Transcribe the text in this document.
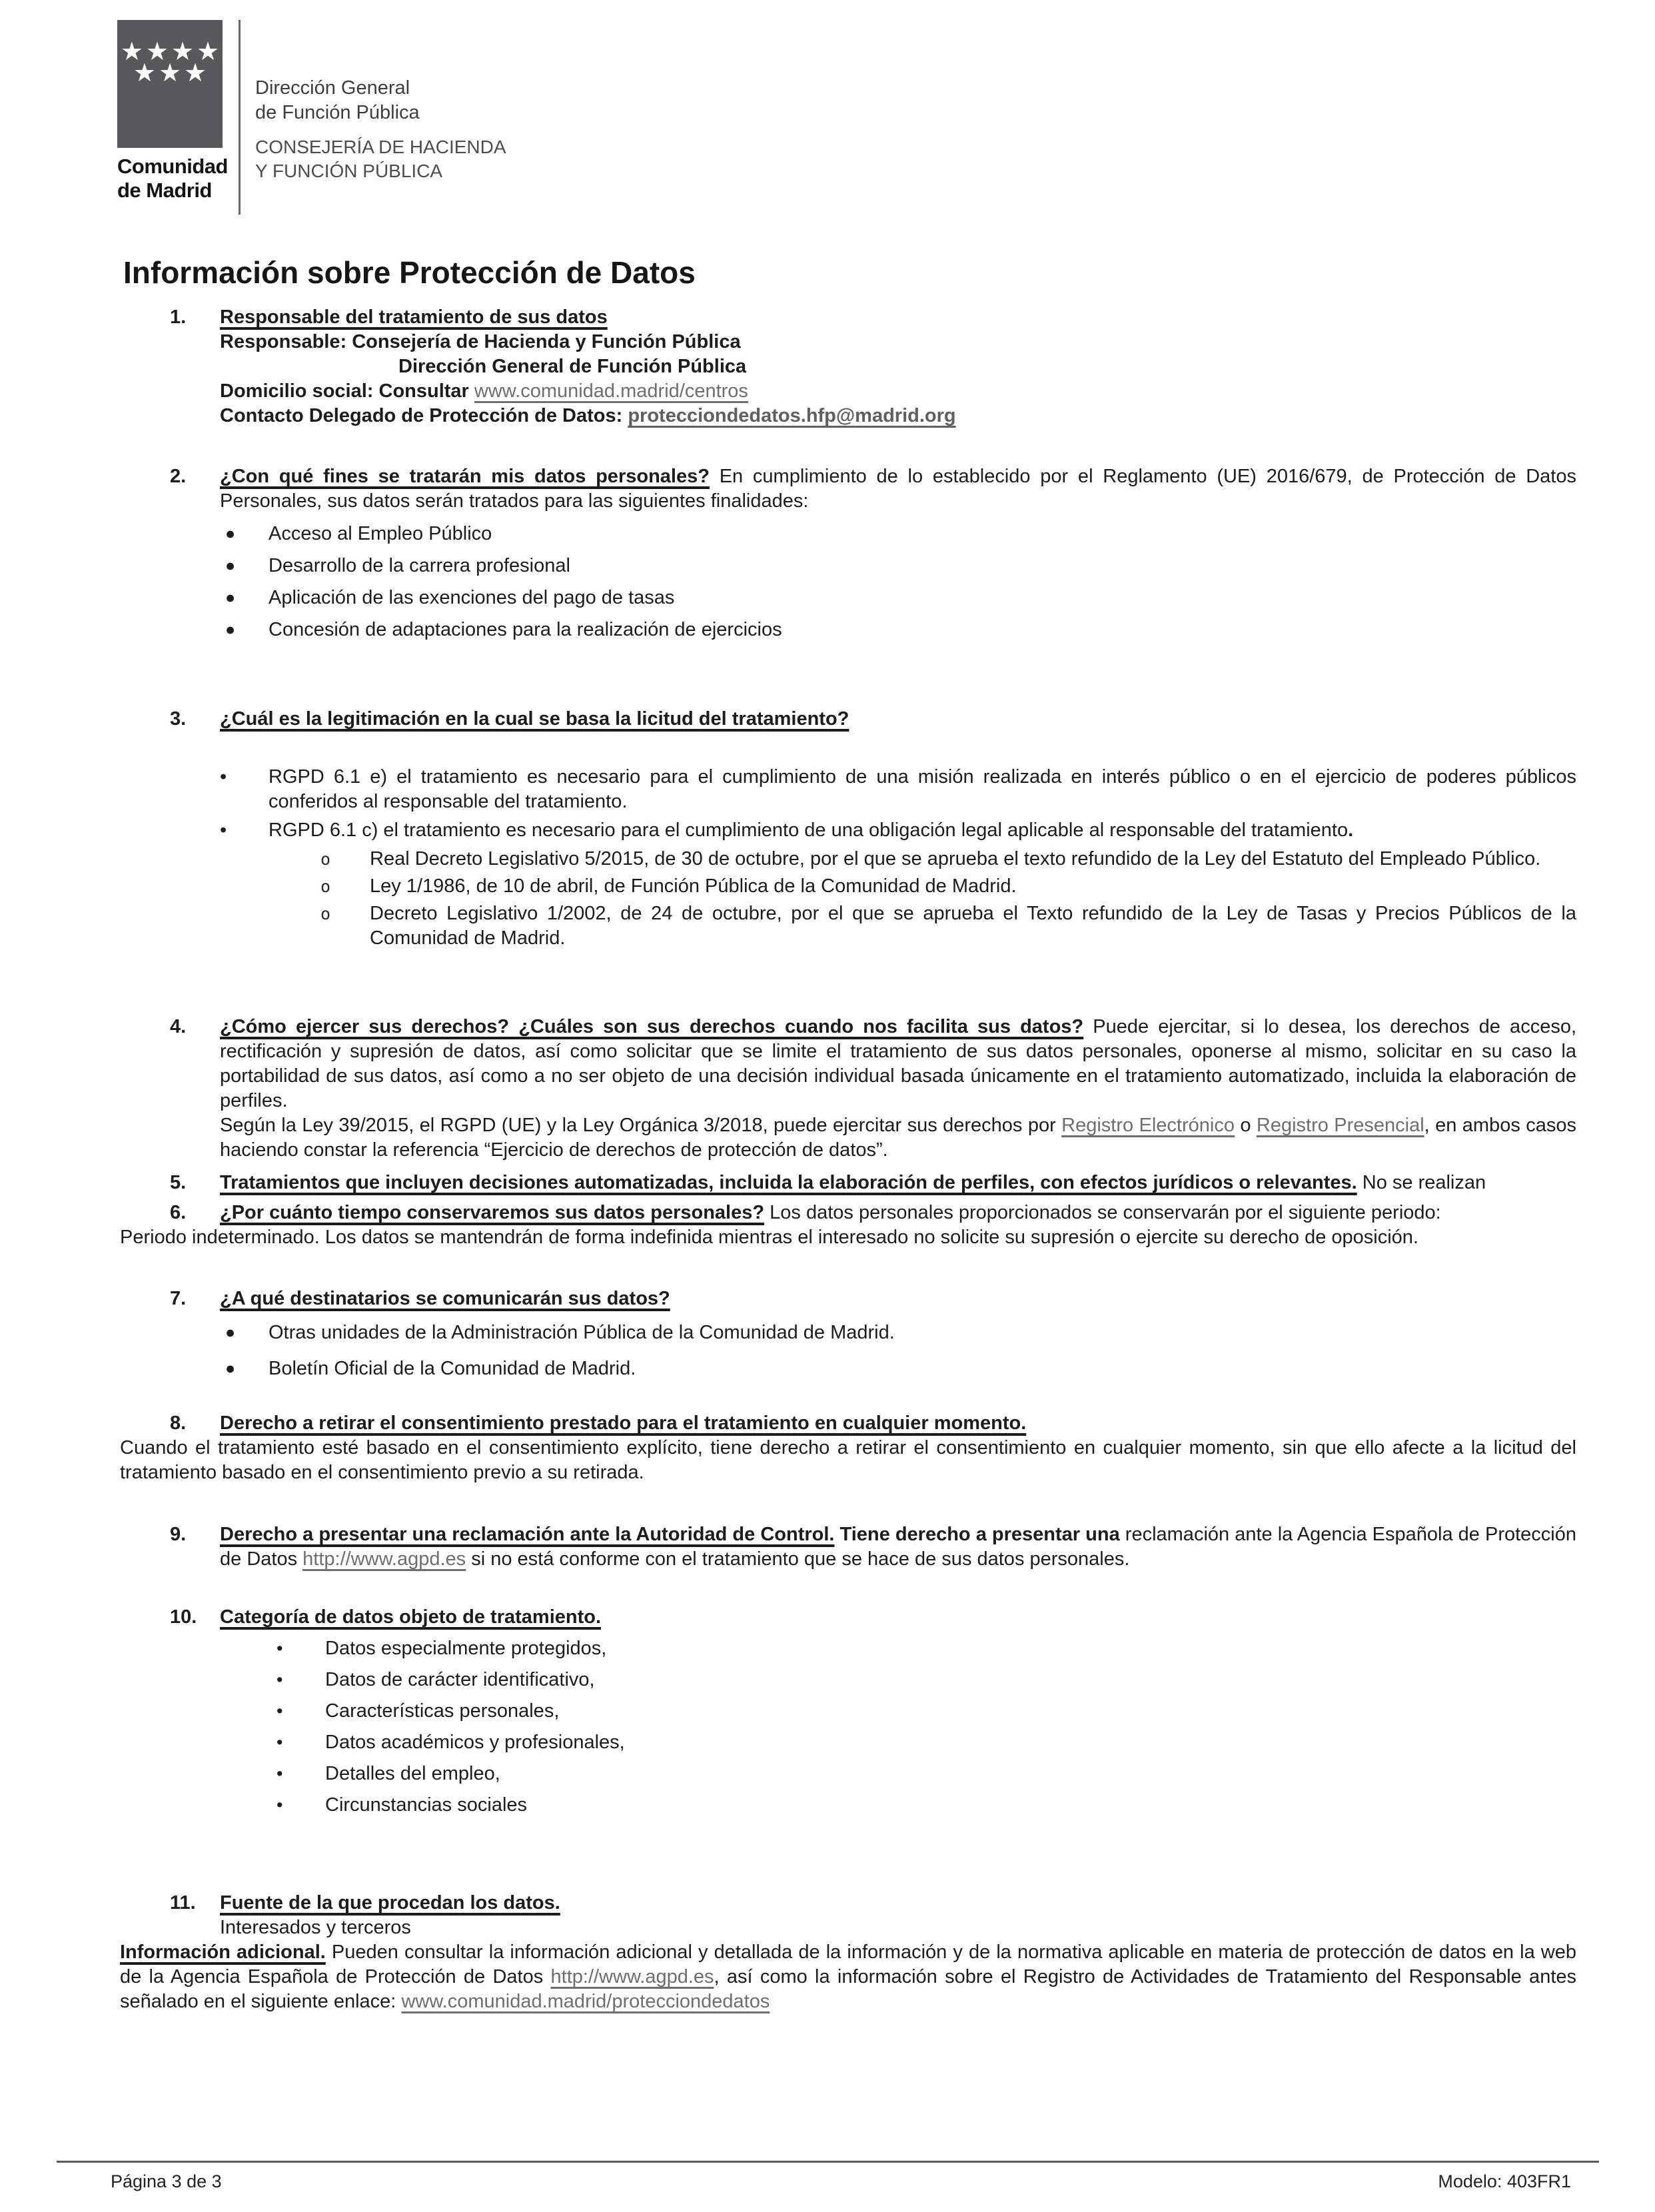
★★★★
★★★
Comunidad
de Madrid
Dirección General
de Función Pública
CONSEJERÍA DE HACIENDA
Y FUNCIÓN PÚBLICA
Información sobre Protección de Datos
1.	Responsable del tratamiento de sus datos
Responsable: Consejería de Hacienda y Función Pública
Dirección General de Función Pública
Domicilio social: Consultar www.comunidad.madrid/centros
Contacto Delegado de Protección de Datos: protecciondedatos.hfp@madrid.org
2.	¿Con qué fines se tratarán mis datos personales? En cumplimiento de lo establecido por el Reglamento (UE) 2016/679, de Protección de Datos Personales, sus datos serán tratados para las siguientes finalidades:
●	Acceso al Empleo Público
●	Desarrollo de la carrera profesional
●	Aplicación de las exenciones del pago de tasas
●	Concesión de adaptaciones para la realización de ejercicios
3.	¿Cuál es la legitimación en la cual se basa la licitud del tratamiento?
•	RGPD 6.1 e) el tratamiento es necesario para el cumplimiento de una misión realizada en interés público o en el ejercicio de poderes públicos conferidos al responsable del tratamiento.
•	RGPD 6.1 c) el tratamiento es necesario para el cumplimiento de una obligación legal aplicable al responsable del tratamiento.
o	Real Decreto Legislativo 5/2015, de 30 de octubre, por el que se aprueba el texto refundido de la Ley del Estatuto del Empleado Público.
o	Ley 1/1986, de 10 de abril, de Función Pública de la Comunidad de Madrid.
o	Decreto Legislativo 1/2002, de 24 de octubre, por el que se aprueba el Texto refundido de la Ley de Tasas y Precios Públicos de la Comunidad de Madrid.
4.	¿Cómo ejercer sus derechos? ¿Cuáles son sus derechos cuando nos facilita sus datos? Puede ejercitar, si lo desea, los derechos de acceso, rectificación y supresión de datos, así como solicitar que se limite el tratamiento de sus datos personales, oponerse al mismo, solicitar en su caso la portabilidad de sus datos, así como a no ser objeto de una decisión individual basada únicamente en el tratamiento automatizado, incluida la elaboración de perfiles.
Según la Ley 39/2015, el RGPD (UE) y la Ley Orgánica 3/2018, puede ejercitar sus derechos por Registro Electrónico o Registro Presencial, en ambos casos haciendo constar la referencia “Ejercicio de derechos de protección de datos”.
5.	Tratamientos que incluyen decisiones automatizadas, incluida la elaboración de perfiles, con efectos jurídicos o relevantes. No se realizan
6.	¿Por cuánto tiempo conservaremos sus datos personales? Los datos personales proporcionados se conservarán por el siguiente periodo:

Periodo indeterminado. Los datos se mantendrán de forma indefinida mientras el interesado no solicite su supresión o ejercite su derecho de oposición.

7.	¿A qué destinatarios se comunicarán sus datos?
●	Otras unidades de la Administración Pública de la Comunidad de Madrid.
●	Boletín Oficial de la Comunidad de Madrid.
8.	Derecho a retirar el consentimiento prestado para el tratamiento en cualquier momento.

Cuando el tratamiento esté basado en el consentimiento explícito, tiene derecho a retirar el consentimiento en cualquier momento, sin que ello afecte a la licitud del tratamiento basado en el consentimiento previo a su retirada.

9.	Derecho a presentar una reclamación ante la Autoridad de Control. Tiene derecho a presentar una reclamación ante la Agencia Española de Protección de Datos http://www.agpd.es si no está conforme con el tratamiento que se hace de sus datos personales.
10.	Categoría de datos objeto de tratamiento.
•	Datos especialmente protegidos,
•	Datos de carácter identificativo,
•	Características personales,
•	Datos académicos y profesionales,
•	Detalles del empleo,
•	Circunstancias sociales
11.	Fuente de la que procedan los datos.
Interesados y terceros

Información adicional. Pueden consultar la información adicional y detallada de la información y de la normativa aplicable en materia de protección de datos en la web de la Agencia Española de Protección de Datos http://www.agpd.es, así como la información sobre el Registro de Actividades de Tratamiento del Responsable antes señalado en el siguiente enlace: www.comunidad.madrid/protecciondedatos

Página 3 de 3	Modelo: 403FR1
